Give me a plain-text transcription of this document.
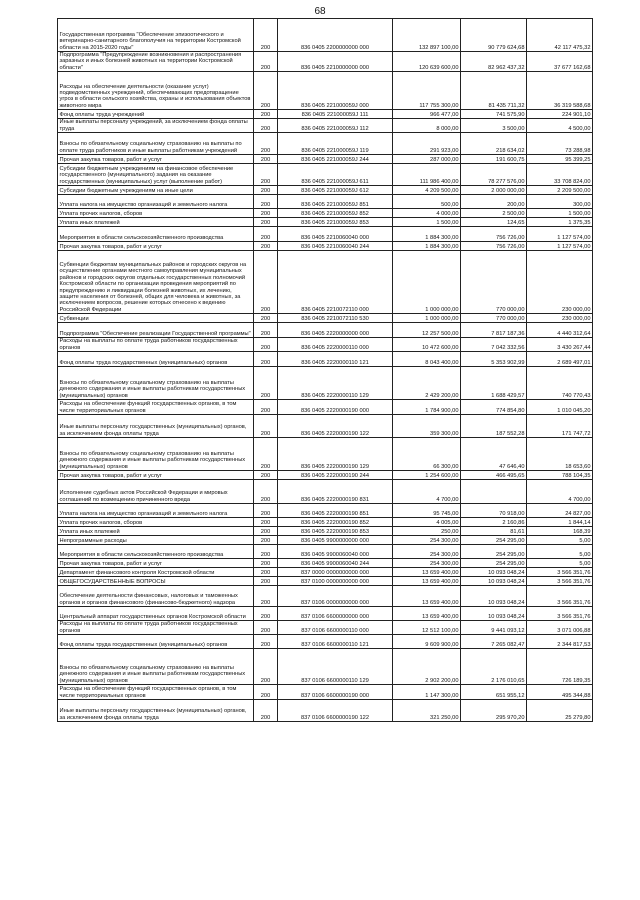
68
Государственная программа "Обеспечение эпизоотического и ветеринарно-санитарного благополучия на территории Костромской области на 2015-2020 годы"	200	836 0405 2200000000 000	132 897 100,00	90 779 624,68	42 117 475,32
Подпрограмма "Предупреждение возникновения и распространения заразных и иных болезней животных на территории Костромской области"	200	836 0405 2210000000 000	120 639 600,00	82 962 437,32	37 677 162,68
Расходы на обеспечение деятельности (оказание услуг) подведомственных учреждений, обеспечивающих предотвращение угроз в области сельского хозяйства, охраны и использования объектов животного мира	200	836 0405 221000059J 000	117 755 300,00	81 435 711,32	36 319 588,68
Фонд оплаты труда учреждений	200	836 0405 221000059J 111	966 477,00	741 575,90	224 901,10
Иные выплаты персоналу учреждений, за исключением фонда оплаты труда	200	836 0405 221000059J 112	8 000,00	3 500,00	4 500,00
Взносы по обязательному социальному страхованию на выплаты по оплате труда работников и иные выплаты работникам учреждений	200	836 0405 221000059J 119	291 923,00	218 634,02	73 288,98
Прочая закупка товаров, работ и услуг	200	836 0405 221000059J 244	287 000,00	191 600,75	95 399,25
Субсидии бюджетным учреждениям на финансовое обеспечение государственного (муниципального) задания на оказание государственных (муниципальных) услуг (выполнение работ)	200	836 0405 221000059J 611	111 986 400,00	78 277 576,00	33 708 824,00
Субсидии бюджетным учреждениям на иные цели	200	836 0405 221000059J 612	4 209 500,00	2 000 000,00	2 209 500,00
Уплата налога на имущество организаций и земельного налога	200	836 0405 221000059J 851	500,00	200,00	300,00
Уплата прочих налогов, сборов	200	836 0405 221000059J 852	4 000,00	2 500,00	1 500,00
Уплата иных платежей	200	836 0405 221000059J 853	1 500,00	124,65	1 375,35
Мероприятия в области сельскохозяйственного производства	200	836 0405 2210060040 000	1 884 300,00	756 726,00	1 127 574,00
Прочая закупка товаров, работ и услуг	200	836 0405 2210060040 244	1 884 300,00	756 726,00	1 127 574,00
Субвенции бюджетам муниципальных районов и городских округов на осуществление органами местного самоуправления муниципальных районов и городских округов отдельных государственных полномочий Костромской области по организации проведения мероприятий по предупреждению и ликвидации болезней животных, их лечению, защите населения от болезней, общих для человека и животных, за исключением вопросов, решение которых отнесено к ведению Российской Федерации	200	836 0405 2210072110 000	1 000 000,00	770 000,00	230 000,00
Субвенции	200	836 0405 2210072110 530	1 000 000,00	770 000,00	230 000,00
Подпрограмма "Обеспечение реализации Государственной программы"	200	836 0405 2220000000 000	12 257 500,00	7 817 187,36	4 440 312,64
Расходы на выплаты по оплате труда работников государственных органов	200	836 0405 2220000110 000	10 472 600,00	7 042 332,56	3 430 267,44
Фонд оплаты труда государственных (муниципальных) органов	200	836 0405 2220000110 121	8 043 400,00	5 353 902,99	2 689 497,01
Взносы по обязательному социальному страхованию на выплаты денежного содержания и иные выплаты работникам государственных (муниципальных) органов	200	836 0405 2220000110 129	2 429 200,00	1 688 429,57	740 770,43
Расходы на обеспечение функций государственных органов, в том числе территориальных органов	200	836 0405 2220000190 000	1 784 900,00	774 854,80	1 010 045,20
Иные выплаты персоналу государственных (муниципальных) органов, за исключением фонда оплаты труда	200	836 0405 2220000190 122	359 300,00	187 552,28	171 747,72
Взносы по обязательному социальному страхованию на выплаты денежного содержания и иные выплаты работникам государственных (муниципальных) органов	200	836 0405 2220000190 129	66 300,00	47 646,40	18 653,60
Прочая закупка товаров, работ и услуг	200	836 0405 2220000190 244	1 254 600,00	466 495,65	788 104,35
Исполнение судебных актов Российской Федерации и мировых соглашений по возмещению причиненного вреда	200	836 0405 2220000190 831	4 700,00		4 700,00
Уплата налога на имущество организаций и земельного налога	200	836 0405 2220000190 851	95 745,00	70 918,00	24 827,00
Уплата прочих налогов, сборов	200	836 0405 2220000190 852	4 005,00	2 160,86	1 844,14
Уплата иных платежей	200	836 0405 2220000190 853	250,00	81,61	168,39
Непрограммные расходы	200	836 0405 9900000000 000	254 300,00	254 295,00	5,00
Мероприятия в области сельскохозяйственного производства	200	836 0405 9900060040 000	254 300,00	254 295,00	5,00
Прочая закупка товаров, работ и услуг	200	836 0405 9900060040 244	254 300,00	254 295,00	5,00
Департамент финансового контроля Костромской области	200	837 0000 0000000000 000	13 659 400,00	10 093 048,24	3 566 351,76
ОБЩЕГОСУДАРСТВЕННЫЕ ВОПРОСЫ	200	837 0100 0000000000 000	13 659 400,00	10 093 048,24	3 566 351,76
Обеспечение деятельности финансовых, налоговых и таможенных органов и органов финансового (финансово-бюджетного) надзора	200	837 0106 0000000000 000	13 659 400,00	10 093 048,24	3 566 351,76
Центральный аппарат государственных органов Костромской области	200	837 0106 6600000000 000	13 659 400,00	10 093 048,24	3 566 351,76
Расходы на выплаты по оплате труда работников государственных органов	200	837 0106 6600000110 000	12 512 100,00	9 441 093,12	3 071 006,88
Фонд оплаты труда государственных (муниципальных) органов	200	837 0106 6600000110 121	9 609 900,00	7 265 082,47	2 344 817,53
Взносы по обязательному социальному страхованию на выплаты денежного содержания и иные выплаты работникам государственных (муниципальных) органов	200	837 0106 6600000110 129	2 902 200,00	2 176 010,65	726 189,35
Расходы на обеспечение функций государственных органов, в том числе территориальных органов	200	837 0106 6600000190 000	1 147 300,00	651 955,12	495 344,88
Иные выплаты персоналу государственных (муниципальных) органов, за исключением фонда оплаты труда	200	837 0106 6600000190 122	321 250,00	295 970,20	25 279,80
